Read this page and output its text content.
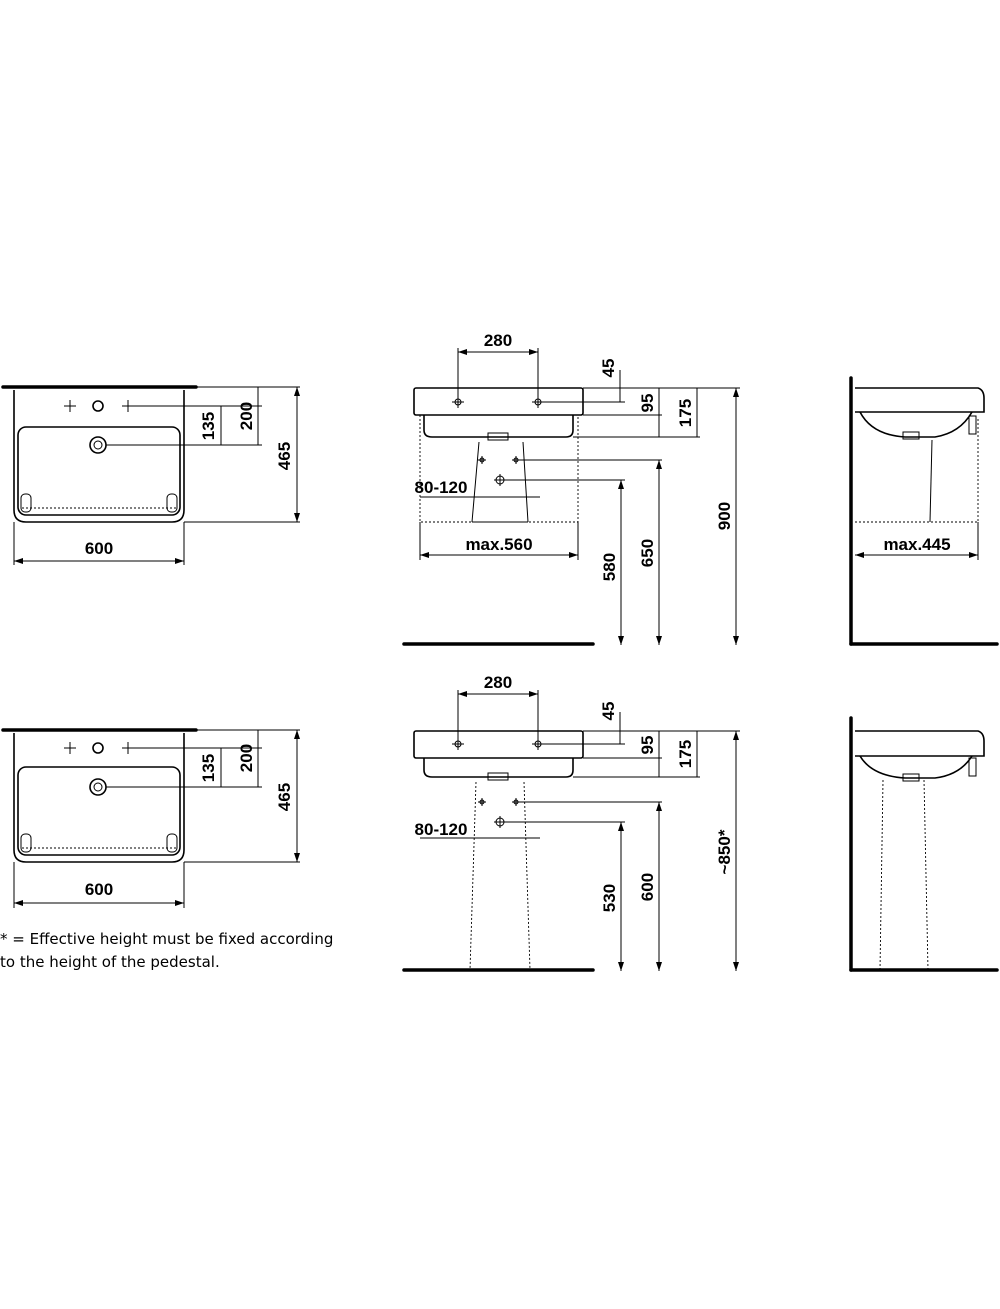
600
465
200
135
280
45
95 175
80-120
max.560
580 650
900
max.445
600
465
200
135
280
45
95 175
80-120
530 600
~850*
* = Effective height must be fixed according
to the height of the pedestal.
